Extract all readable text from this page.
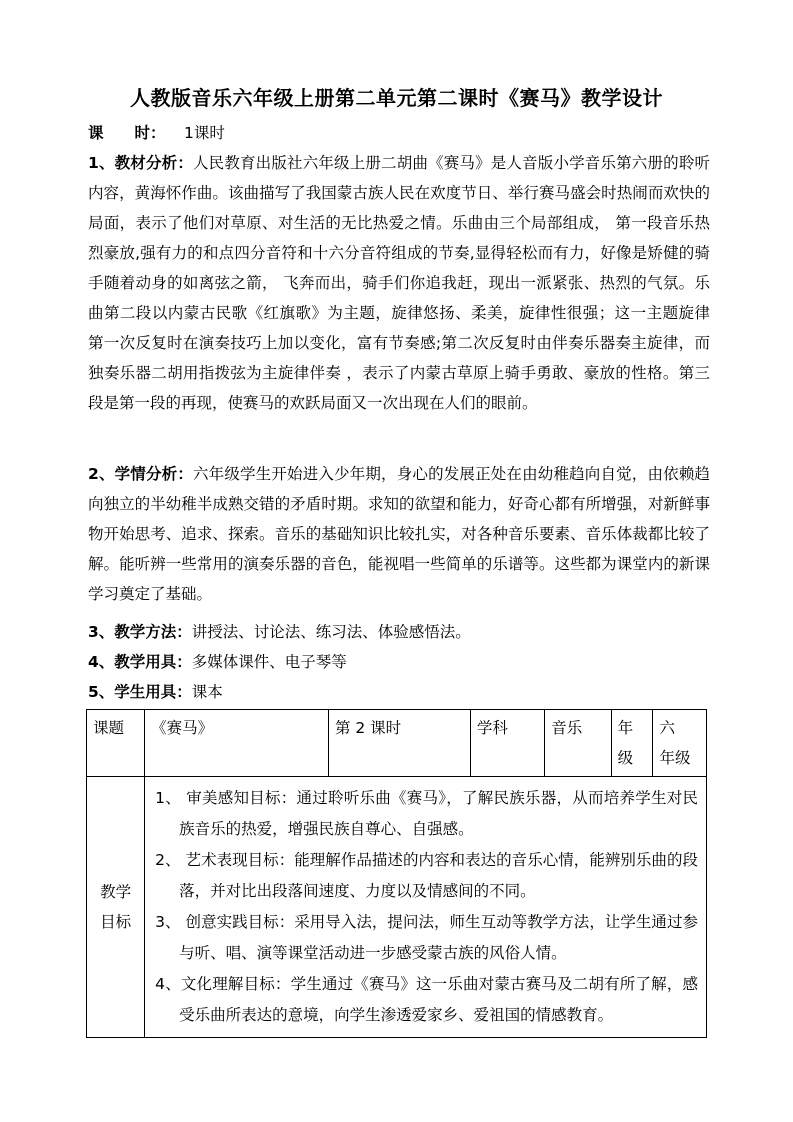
人教版音乐六年级上册第二单元第二课时《赛马》教学设计
课　　时： 1课时
1、教材分析：人民教育出版社六年级上册二胡曲《赛马》是人音版小学音乐第六册的聆听内容，黄海怀作曲。该曲描写了我国蒙古族人民在欢度节日、举行赛马盛会时热闹而欢快的局面，表示了他们对草原、对生活的无比热爱之情。乐曲由三个局部组成， 第一段音乐热烈豪放,强有力的和点四分音符和十六分音符组成的节奏,显得轻松而有力，好像是矫健的骑手随着动身的如离弦之箭， 飞奔而出，骑手们你追我赶，现出一派紧张、热烈的气氛。乐曲第二段以内蒙古民歌《红旗歌》为主题，旋律悠扬、柔美，旋律性很强；这一主题旋律 第一次反复时在演奏技巧上加以变化，富有节奏感;第二次反复时由伴奏乐器奏主旋律，而独奏乐器二胡用指拨弦为主旋律伴奏 ，表示了内蒙古草原上骑手勇敢、豪放的性格。第三段是第一段的再现，使赛马的欢跃局面又一次出现在人们的眼前。
2、学情分析：六年级学生开始进入少年期，身心的发展正处在由幼稚趋向自觉，由依赖趋向独立的半幼稚半成熟交错的矛盾时期。求知的欲望和能力，好奇心都有所增强，对新鲜事物开始思考、追求、探索。音乐的基础知识比较扎实，对各种音乐要素、音乐体裁都比较了解。能听辨一些常用的演奏乐器的音色，能视唱一些简单的乐谱等。这些都为课堂内的新课学习奠定了基础。
3、教学方法：讲授法、讨论法、练习法、体验感悟法。
4、教学用具：多媒体课件、电子琴等
5、学生用具：课本
课题	《赛马》	第 2 课时	学科	音乐	年级	六　年级
教学目标	1、 审美感知目标：通过聆听乐曲《赛马》，了解民族乐器，从而培养学生对民族音乐的热爱，增强民族自尊心、自强感。

2、 艺术表现目标：能理解作品描述的内容和表达的音乐心情，能辨别乐曲的段落，并对比出段落间速度、力度以及情感间的不同。

3、 创意实践目标：采用导入法，提问法，师生互动等教学方法，让学生通过参与听、唱、演等课堂活动进一步感受蒙古族的风俗人情。

4、文化理解目标：学生通过《赛马》这一乐曲对蒙古赛马及二胡有所了解，感受乐曲所表达的意境，向学生渗透爱家乡、爱祖国的情感教育。					
